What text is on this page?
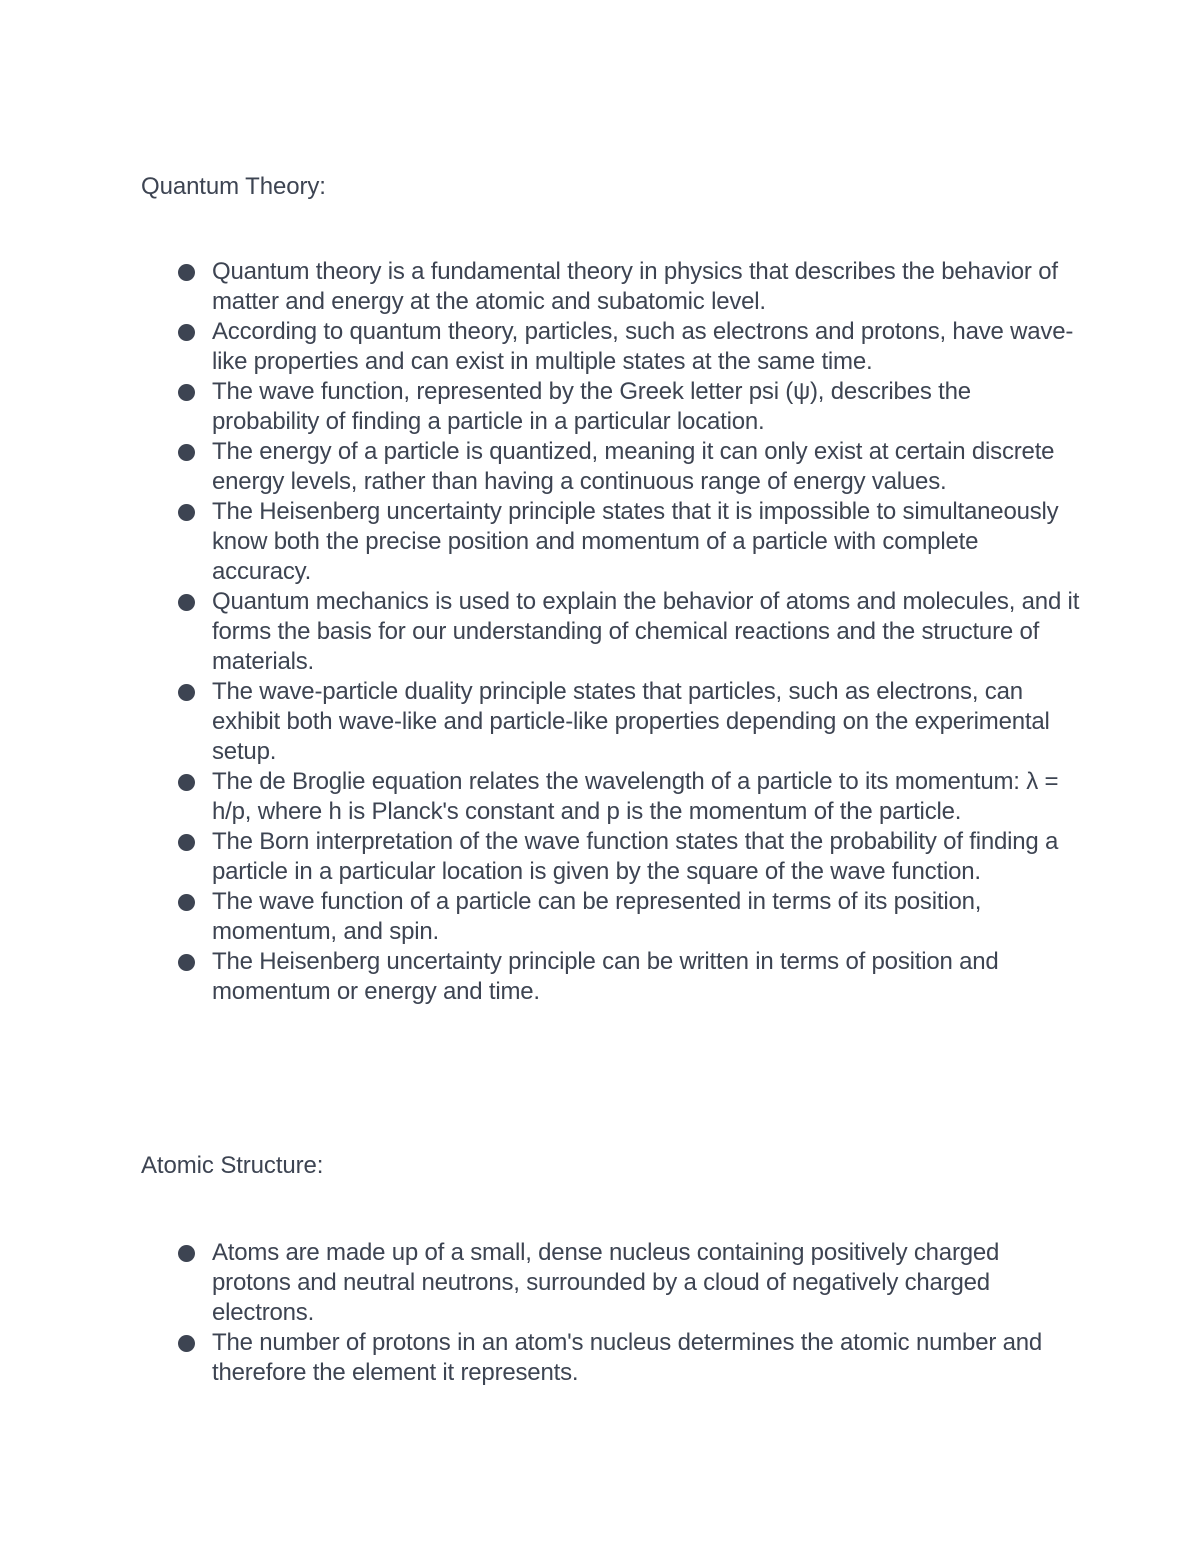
Quantum Theory:
Quantum theory is a fundamental theory in physics that describes the behavior of matter and energy at the atomic and subatomic level.
According to quantum theory, particles, such as electrons and protons, have wave-like properties and can exist in multiple states at the same time.
The wave function, represented by the Greek letter psi (ψ), describes the probability of finding a particle in a particular location.
The energy of a particle is quantized, meaning it can only exist at certain discrete energy levels, rather than having a continuous range of energy values.
The Heisenberg uncertainty principle states that it is impossible to simultaneously know both the precise position and momentum of a particle with complete accuracy.
Quantum mechanics is used to explain the behavior of atoms and molecules, and it forms the basis for our understanding of chemical reactions and the structure of materials.
The wave-particle duality principle states that particles, such as electrons, can exhibit both wave-like and particle-like properties depending on the experimental setup.
The de Broglie equation relates the wavelength of a particle to its momentum: λ = h/p, where h is Planck's constant and p is the momentum of the particle.
The Born interpretation of the wave function states that the probability of finding a particle in a particular location is given by the square of the wave function.
The wave function of a particle can be represented in terms of its position, momentum, and spin.
The Heisenberg uncertainty principle can be written in terms of position and momentum or energy and time.
Atomic Structure:
Atoms are made up of a small, dense nucleus containing positively charged protons and neutral neutrons, surrounded by a cloud of negatively charged electrons.
The number of protons in an atom's nucleus determines the atomic number and therefore the element it represents.
